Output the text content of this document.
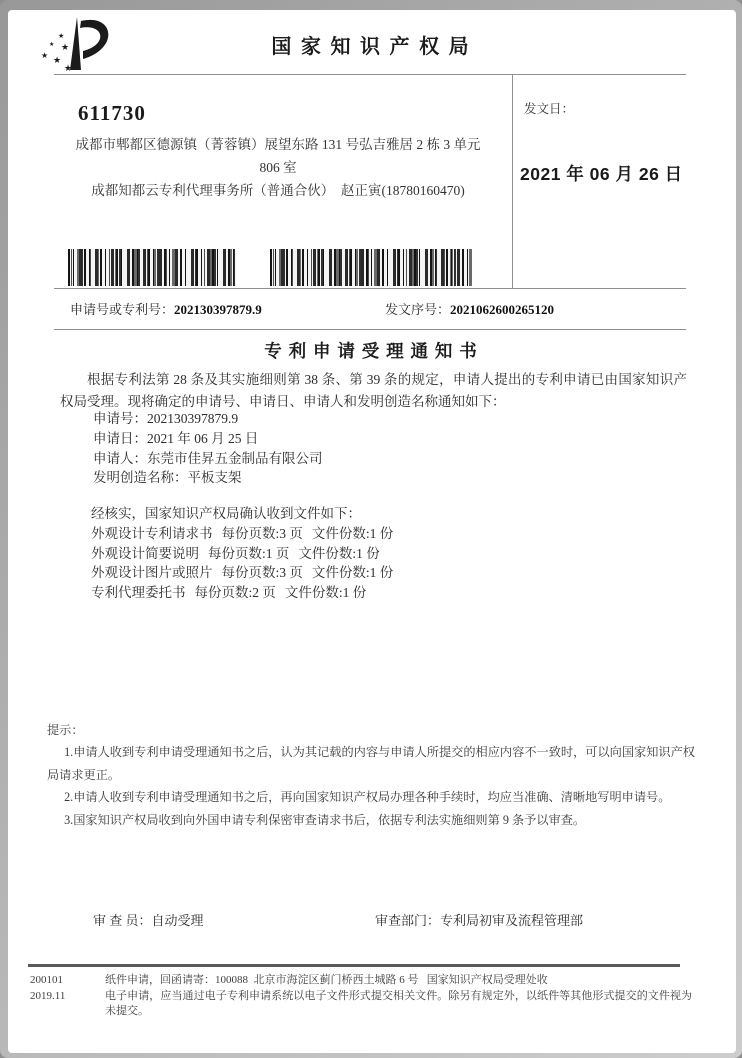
★
★ ★
★ ★
★
国 家 知 识 产 权 局
611730
成都市郫都区德源镇（菁蓉镇）展望东路 131 号弘吉雅居 2 栋 3 单元
806 室
成都知都云专利代理事务所（普通合伙）  赵正寅(18780160470)
发文日：
2021 年 06 月 26 日
申请号或专利号：202130397879.9	发文序号：2021062600265120
专 利 申 请 受 理 通 知 书
根据专利法第 28 条及其实施细则第 38 条、第 39 条的规定，申请人提出的专利申请已由国家知识产权局受理。现将确定的申请号、申请日、申请人和发明创造名称通知如下：
申请号：202130397879.9
申请日：2021 年 06 月 25 日
申请人：东莞市佳昇五金制品有限公司
发明创造名称：平板支架
经核实，国家知识产权局确认收到文件如下：
外观设计专利请求书 每份页数:3 页 文件份数:1 份
外观设计简要说明 每份页数:1 页 文件份数:1 份
外观设计图片或照片 每份页数:3 页 文件份数:1 份
专利代理委托书 每份页数:2 页 文件份数:1 份
提示：
1.申请人收到专利申请受理通知书之后，认为其记载的内容与申请人所提交的相应内容不一致时，可以向国家知识产权局请求更正。
2.申请人收到专利申请受理通知书之后，再向国家知识产权局办理各种手续时，均应当准确、清晰地写明申请号。
3.国家知识产权局收到向外国申请专利保密审查请求书后，依据专利法实施细则第 9 条予以审查。
审 查 员：自动受理	审查部门：专利局初审及流程管理部
200101	纸件申请，回函请寄：100088  北京市海淀区蓟门桥西土城路 6 号   国家知识产权局受理处收
2019.11	电子申请，应当通过电子专利申请系统以电子文件形式提交相关文件。除另有规定外，以纸件等其他形式提交的文件视为未提交。
